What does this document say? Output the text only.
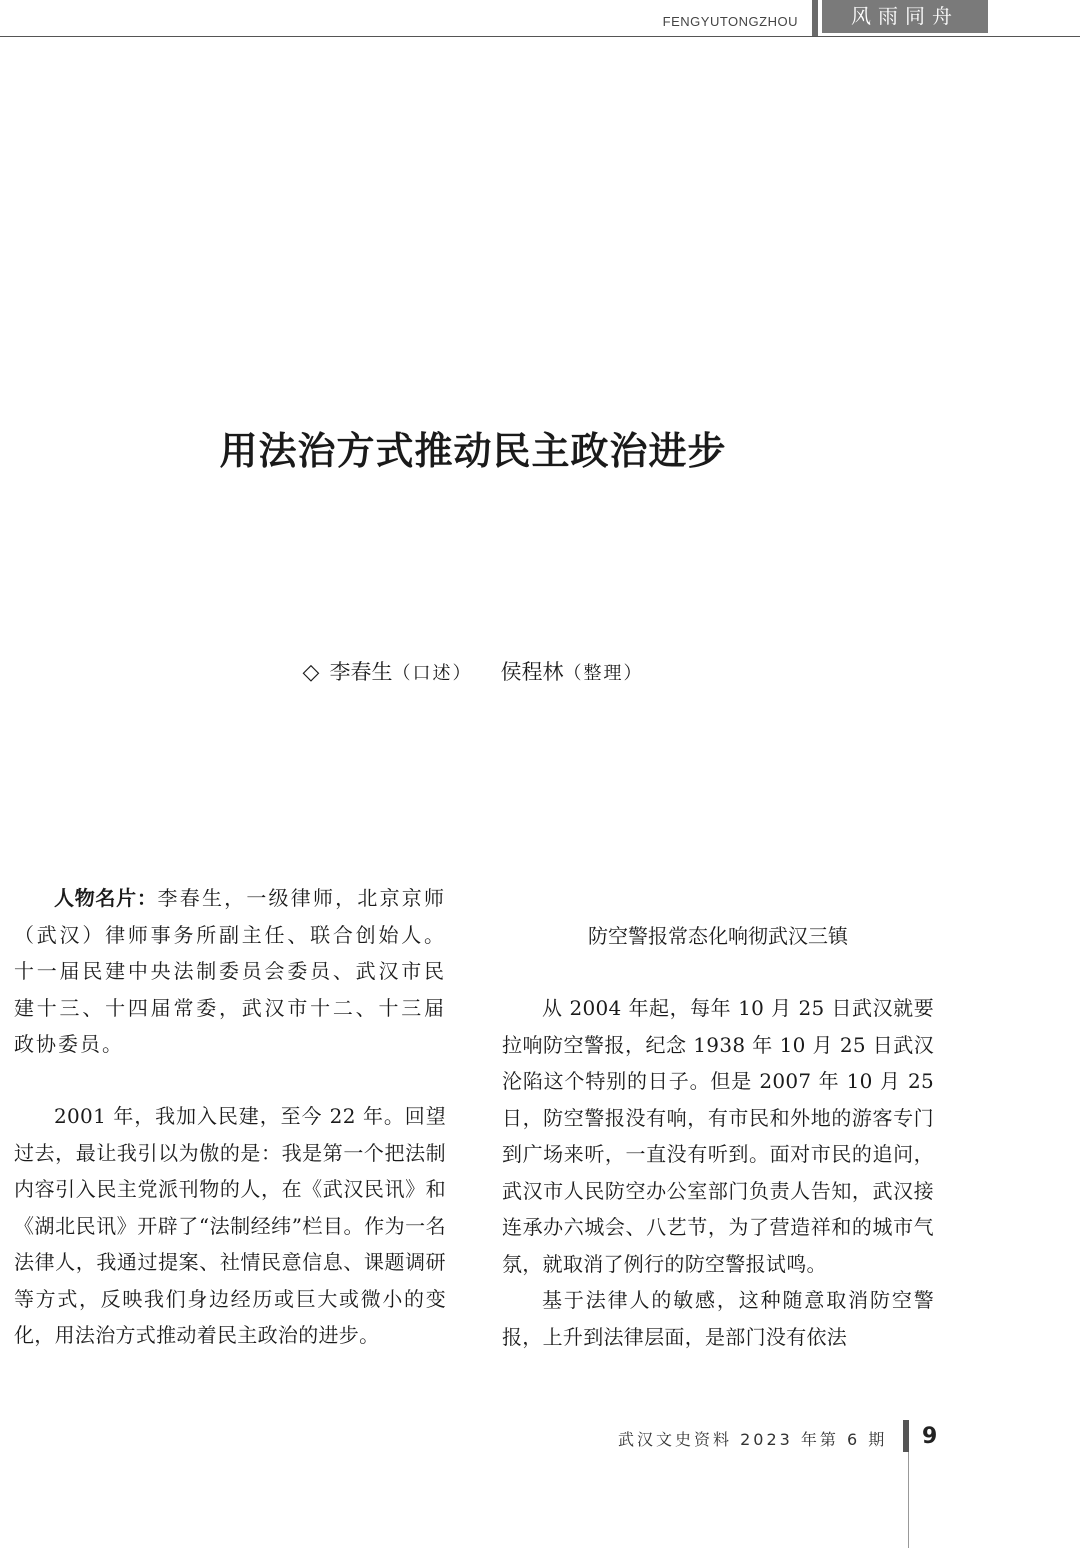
FENGYUTONGZHOU	风雨同舟
用法治方式推动民主政治进步
◇ 李春生（口述） 侯程林（整理）

人物名片：李春生，一级律师，北京京师（武汉）律师事务所副主任、联合创始人。十一届民建中央法制委员会委员、武汉市民建十三、十四届常委，武汉市十二、十三届政协委员。

2001 年，我加入民建，至今 22 年。回望过去，最让我引以为傲的是：我是第一个把法制内容引入民主党派刊物的人，在《武汉民讯》和《湖北民讯》开辟了“法制经纬”栏目。作为一名法律人，我通过提案、社情民意信息、课题调研等方式，反映我们身边经历或巨大或微小的变化，用法治方式推动着民主政治的进步。

防空警报常态化响彻武汉三镇

从 2004 年起，每年 10 月 25 日武汉就要拉响防空警报，纪念 1938 年 10 月 25 日武汉沦陷这个特别的日子。但是 2007 年 10 月 25 日，防空警报没有响，有市民和外地的游客专门到广场来听，一直没有听到。面对市民的追问，武汉市人民防空办公室部门负责人告知，武汉接连承办六城会、八艺节，为了营造祥和的城市气氛，就取消了例行的防空警报试鸣。

基于法律人的敏感，这种随意取消防空警报，上升到法律层面，是部门没有依法

武汉文史资料 2023 年第 6 期 9
